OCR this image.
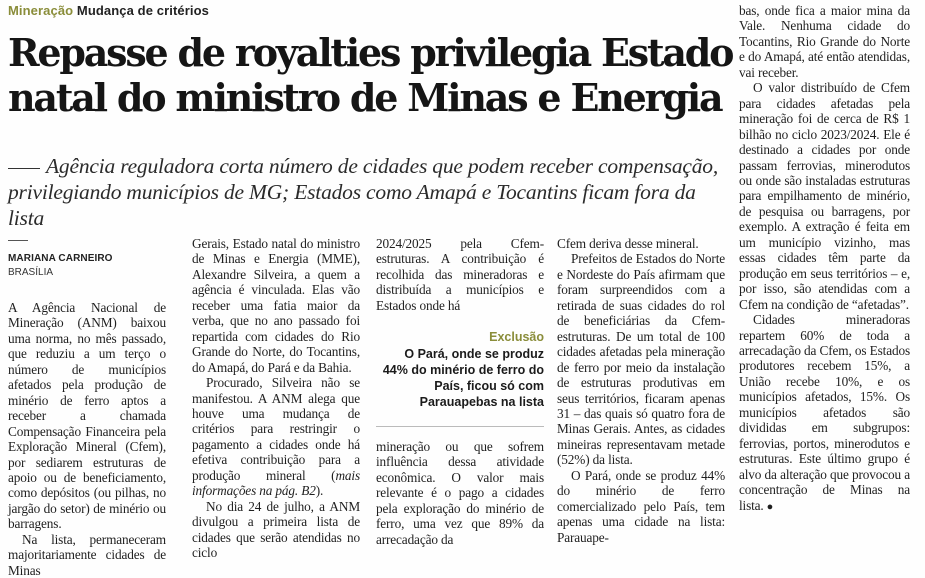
Mineração Mudança de critérios
Repasse de royalties privilegia Estado natal do ministro de Minas e Energia
Agência reguladora corta número de cidades que podem receber compensação, privilegiando municípios de MG; Estados como Amapá e Tocantins ficam fora da lista
MARIANA CARNEIRO
BRASÍLIA

A Agência Nacional de Mineração (ANM) baixou uma norma, no mês passado, que reduziu a um terço o número de municípios afetados pela produção de minério de ferro aptos a receber a chamada Compensação Financeira pela Exploração Mineral (Cfem), por sediarem estruturas de apoio ou de beneficiamento, como depósitos (ou pilhas, no jargão do setor) de minério ou barragens.

Na lista, permaneceram majoritariamente cidades de Minas

Gerais, Estado natal do ministro de Minas e Energia (MME), Alexandre Silveira, a quem a agência é vinculada. Elas vão receber uma fatia maior da verba, que no ano passado foi repartida com cidades do Rio Grande do Norte, do Tocantins, do Amapá, do Pará e da Bahia.

Procurado, Silveira não se manifestou. A ANM alega que houve uma mudança de critérios para restringir o pagamento a cidades onde há efetiva contribuição para a produção mineral (mais informações na pág. B2).

No dia 24 de julho, a ANM divulgou a primeira lista de cidades que serão atendidas no ciclo

2024/2025 pela Cfem-estruturas. A contribuição é recolhida das mineradoras e distribuída a municípios e Estados onde há

Exclusão

O Pará, onde se produz 44% do minério de ferro do País, ficou só com Parauapebas na lista

mineração ou que sofrem influência dessa atividade econômica. O valor mais relevante é o pago a cidades pela exploração do minério de ferro, uma vez que 89% da arrecadação da

Cfem deriva desse mineral.

Prefeitos de Estados do Norte e Nordeste do País afirmam que foram surpreendidos com a retirada de suas cidades do rol de beneficiárias da Cfem-estruturas. De um total de 100 cidades afetadas pela mineração de ferro por meio da instalação de estruturas produtivas em seus territórios, ficaram apenas 31 – das quais só quatro fora de Minas Gerais. Antes, as cidades mineiras representavam metade (52%) da lista.

O Pará, onde se produz 44% do minério de ferro comercializado pelo País, tem apenas uma cidade na lista: Parauape-

bas, onde fica a maior mina da Vale. Nenhuma cidade do Tocantins, Rio Grande do Norte e do Amapá, até então atendidas, vai receber.

O valor distribuído de Cfem para cidades afetadas pela mineração foi de cerca de R$ 1 bilhão no ciclo 2023/2024. Ele é destinado a cidades por onde passam ferrovias, minerodutos ou onde são instaladas estruturas para empilhamento de minério, de pesquisa ou barragens, por exemplo. A extração é feita em um município vizinho, mas essas cidades têm parte da produção em seus territórios – e, por isso, são atendidas com a Cfem na condição de “afetadas”.

Cidades mineradoras repartem 60% de toda a arrecadação da Cfem, os Estados produtores recebem 15%, a União recebe 10%, e os municípios afetados, 15%. Os municípios afetados são divididas em subgrupos: ferrovias, portos, minerodutos e estruturas. Este último grupo é alvo da alteração que provocou a concentração de Minas na lista. ●
